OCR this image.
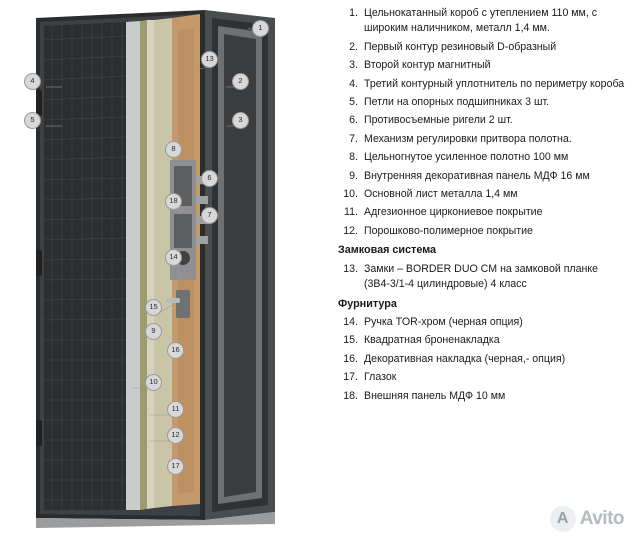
1
2
3
4
5
6
7
8
9
10
11
12
13
14
15
16
17
18
1. Цельнокатанный короб с утеплением 110 мм, с широким наличником, металл 1,4 мм.
2. Первый контур резиновый D-образный
3. Второй контур магнитный
4. Третий контурный уплотнитель по периметру короба
5. Петли на опорных подшипниках 3 шт.
6. Противосъемные ригели 2 шт.
7. Механизм регулировки притвора полотна.
8. Цельногнутое усиленное полотно 100 мм
9. Внутренняя декоративная панель МДФ 16 мм
10. Основной лист металла 1,4 мм
11. Адгезионное циркониевое покрытие
12. Порошково-полимерное покрытие
Замковая система
13. Замки – BORDER DUO CM на замковой планке (3В4-3/1-4 цилиндровые) 4 класс
Фурнитура
14. Ручка TOR-хром (черная опция)
15. Квадратная броненакладка
16. Декоративная накладка (черная,- опция)
17. Глазок
18. Внешняя панель МДФ 10 мм
A Avito
